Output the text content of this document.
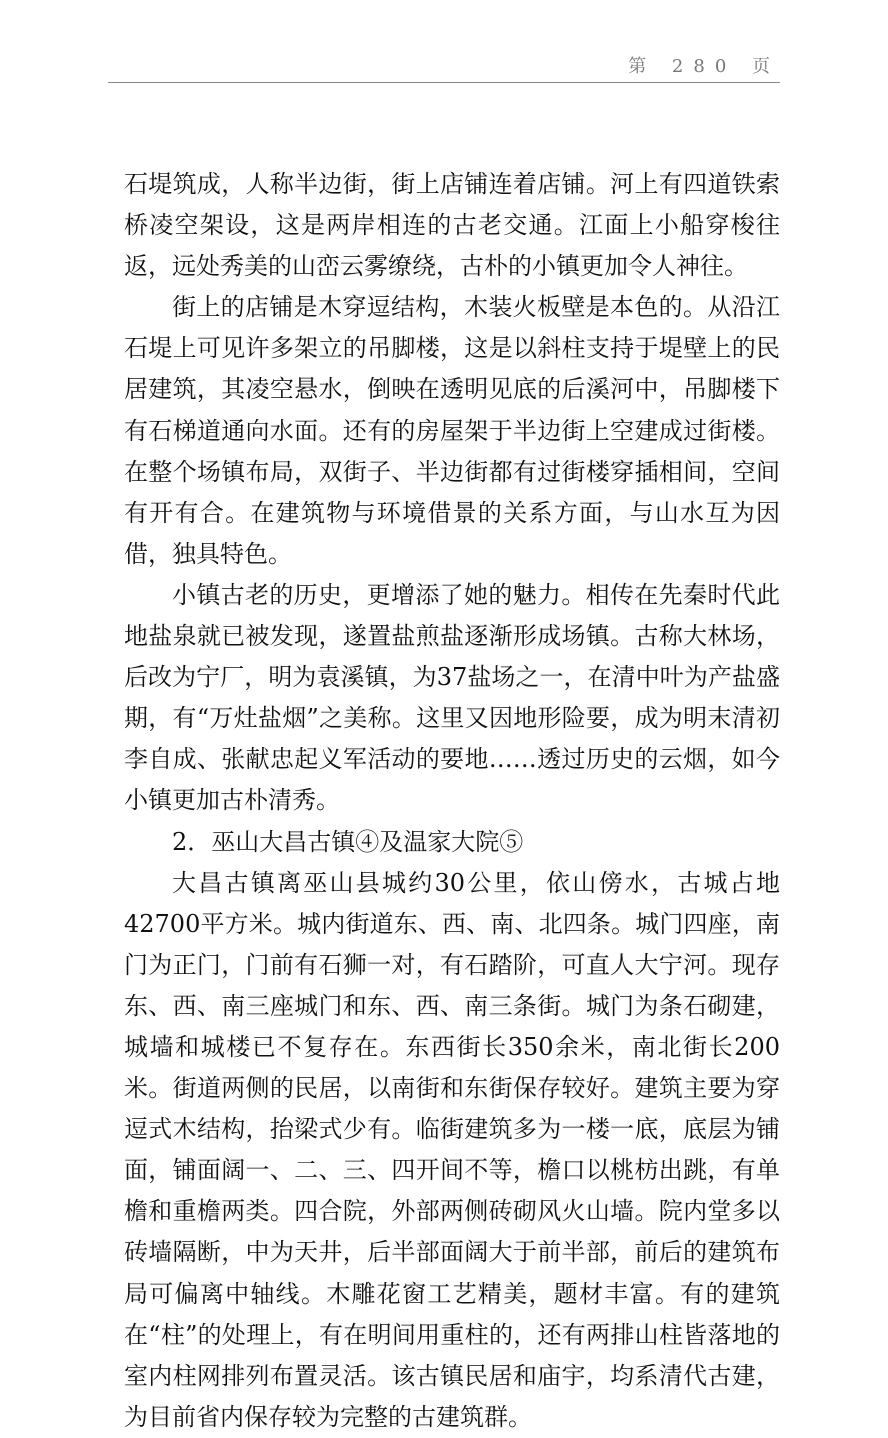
第 280 页

石堤筑成，人称半边街，街上店铺连着店铺。河上有四道铁索桥凌空架设，这是两岸相连的古老交通。江面上小船穿梭往返，远处秀美的山峦云雾缭绕，古朴的小镇更加令人神往。

街上的店铺是木穿逗结构，木装火板壁是本色的。从沿江石堤上可见许多架立的吊脚楼，这是以斜柱支持于堤壁上的民居建筑，其凌空悬水，倒映在透明见底的后溪河中，吊脚楼下有石梯道通向水面。还有的房屋架于半边街上空建成过街楼。在整个场镇布局，双街子、半边街都有过街楼穿插相间，空间有开有合。在建筑物与环境借景的关系方面，与山水互为因借，独具特色。

小镇古老的历史，更增添了她的魅力。相传在先秦时代此地盐泉就已被发现，遂置盐煎盐逐渐形成场镇。古称大林场，后改为宁厂，明为袁溪镇，为37盐场之一，在清中叶为产盐盛期，有“万灶盐烟”之美称。这里又因地形险要，成为明末清初李自成、张献忠起义军活动的要地……透过历史的云烟，如今小镇更加古朴清秀。

2．巫山大昌古镇④及温家大院⑤

大昌古镇离巫山县城约30公里，依山傍水，古城占地42700平方米。城内街道东、西、南、北四条。城门四座，南门为正门，门前有石狮一对，有石踏阶，可直人大宁河。现存东、西、南三座城门和东、西、南三条街。城门为条石砌建，城墙和城楼已不复存在。东西街长350余米，南北街长200米。街道两侧的民居，以南街和东街保存较好。建筑主要为穿逗式木结构，抬梁式少有。临街建筑多为一楼一底，底层为铺面，铺面阔一、二、三、四开间不等，檐口以桃枋出跳，有单檐和重檐两类。四合院，外部两侧砖砌风火山墙。院内堂多以砖墙隔断，中为天井，后半部面阔大于前半部，前后的建筑布局可偏离中轴线。木雕花窗工艺精美，题材丰富。有的建筑在“柱”的处理上，有在明间用重柱的，还有两排山柱皆落地的室内柱网排列布置灵活。该古镇民居和庙宇，均系清代古建，为目前省内保存较为完整的古建筑群。
